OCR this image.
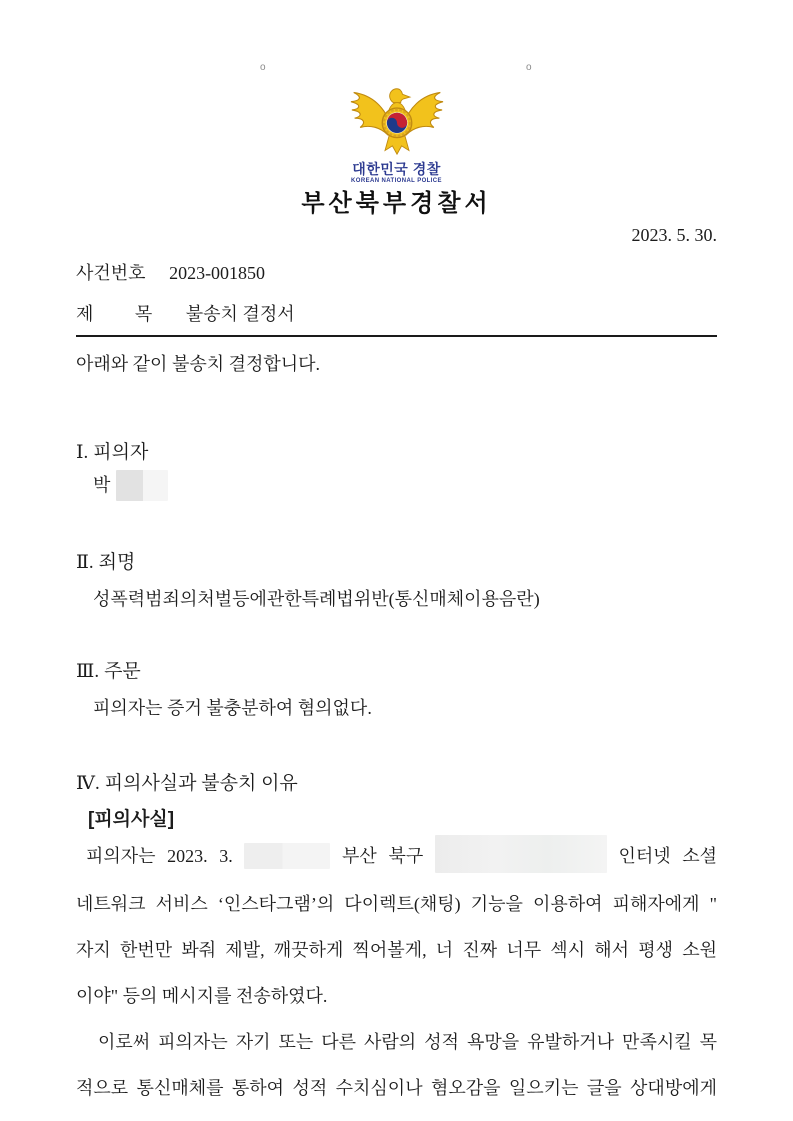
o	o
대한민국 경찰
KOREAN NATIONAL POLICE
부산북부경찰서
2023. 5. 30.
사건번호 2023-001850
제 목 불송치 결정서
아래와 같이 불송치 결정합니다.
Ⅰ. 피의자
박
Ⅱ. 죄명
성폭력범죄의처벌등에관한특례법위반(통신매체이용음란)
Ⅲ. 주문
피의자는 증거 불충분하여 혐의없다.
Ⅳ. 피의사실과 불송치 이유
[피의사실]
피의자는 2023. 3.	부산 북구	인터넷 소셜
네트워크 서비스 ‘인스타그램’의 다이렉트(채팅) 기능을 이용하여 피해자에게 "
자지 한번만 봐줘 제발, 깨끗하게 찍어볼게, 너 진짜 너무 섹시 해서 평생 소원
이야" 등의 메시지를 전송하였다.
이로써 피의자는 자기 또는 다른 사람의 성적 욕망을 유발하거나 만족시킬 목
적으로 통신매체를 통하여 성적 수치심이나 혐오감을 일으키는 글을 상대방에게
